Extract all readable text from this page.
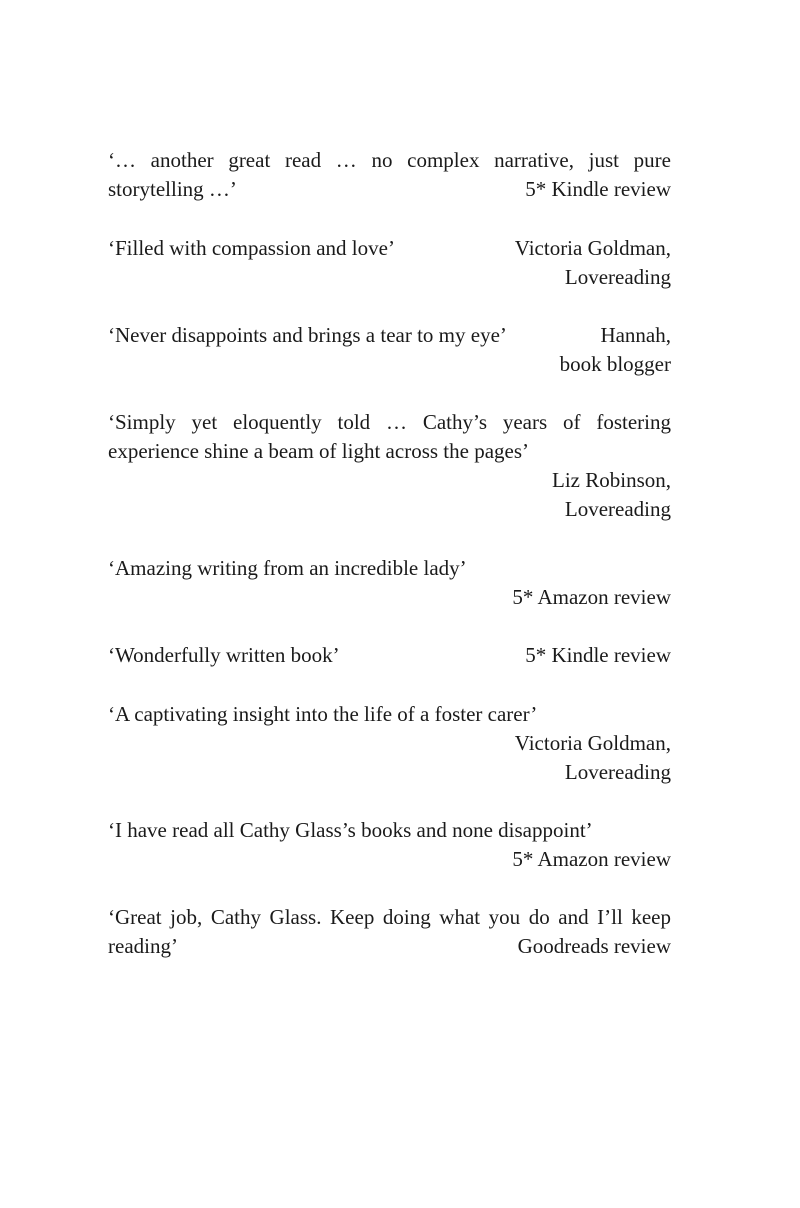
‘… another great read … no complex narrative, just pure
storytelling …’	5* Kindle review
‘Filled with compassion and love’	Victoria Goldman,
Lovereading
‘Never disappoints and brings a tear to my eye’	Hannah,
book blogger
‘Simply yet eloquently told … Cathy’s years of fostering
experience shine a beam of light across the pages’
Liz Robinson,
Lovereading
‘Amazing writing from an incredible lady’
5* Amazon review
‘Wonderfully written book’	5* Kindle review
‘A captivating insight into the life of a foster carer’
Victoria Goldman,
Lovereading
‘I have read all Cathy Glass’s books and none disappoint’
5* Amazon review
‘Great job, Cathy Glass. Keep doing what you do and I’ll keep
reading’	Goodreads review
